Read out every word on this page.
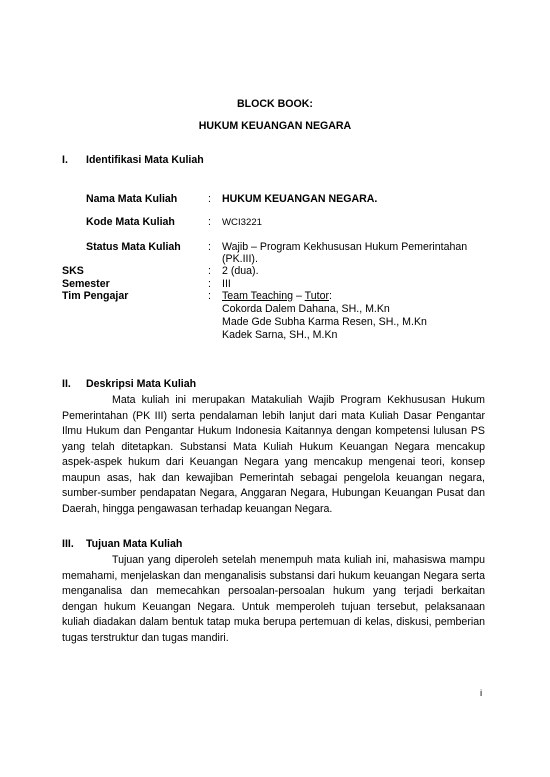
BLOCK BOOK:
HUKUM KEUANGAN NEGARA
I. Identifikasi Mata Kuliah
Nama Mata Kuliah	: HUKUM KEUANGAN NEGARA.
Kode Mata Kuliah	: WCI3221
Status Mata Kuliah	: Wajib – Program Kekhususan Hukum Pemerintahan
(PK.III).
SKS	: 2 (dua).
Semester	: III
Tim Pengajar	: Team Teaching – Tutor:
Cokorda Dalem Dahana, SH., M.Kn
Made Gde Subha Karma Resen, SH., M.Kn
Kadek Sarna, SH., M.Kn
II. Deskripsi Mata Kuliah

Mata kuliah ini merupakan Matakuliah Wajib Program Kekhususan Hukum Pemerintahan (PK III) serta pendalaman lebih lanjut dari mata Kuliah Dasar Pengantar Ilmu Hukum dan Pengantar Hukum Indonesia Kaitannya dengan kompetensi lulusan PS yang telah ditetapkan. Substansi Mata Kuliah Hukum Keuangan Negara mencakup aspek-aspek hukum dari Keuangan Negara yang mencakup mengenai teori, konsep maupun asas, hak dan kewajiban Pemerintah sebagai pengelola keuangan negara, sumber-sumber pendapatan Negara, Anggaran Negara, Hubungan Keuangan Pusat dan Daerah, hingga pengawasan terhadap keuangan Negara.

III. Tujuan Mata Kuliah

Tujuan yang diperoleh setelah menempuh mata kuliah ini, mahasiswa mampu memahami, menjelaskan dan menganalisis substansi dari hukum keuangan Negara serta menganalisa dan memecahkan persoalan-persoalan hukum yang terjadi berkaitan dengan hukum Keuangan Negara. Untuk memperoleh tujuan tersebut, pelaksanaan kuliah diadakan dalam bentuk tatap muka berupa pertemuan di kelas, diskusi, pemberian tugas terstruktur dan tugas mandiri.

i
